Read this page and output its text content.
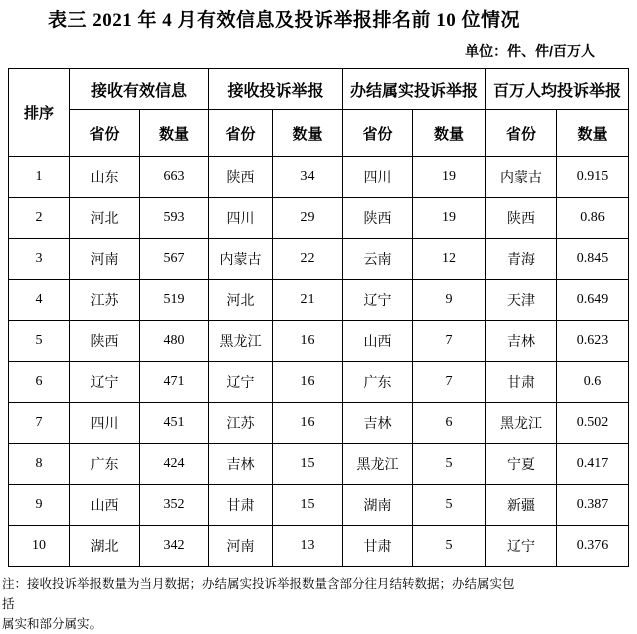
表三 2021 年 4 月有效信息及投诉举报排名前 10 位情况
单位：件、件/百万人
排序	接收有效信息		接收投诉举报		办结属实投诉举报		百万人均投诉举报	
	省份	数量	省份	数量	省份	数量	省份	数量
1	山东	663	陕西	34	四川	19	内蒙古	0.915
2	河北	593	四川	29	陕西	19	陕西	0.86
3	河南	567	内蒙古	22	云南	12	青海	0.845
4	江苏	519	河北	21	辽宁	9	天津	0.649
5	陕西	480	黑龙江	16	山西	7	吉林	0.623
6	辽宁	471	辽宁	16	广东	7	甘肃	0.6
7	四川	451	江苏	16	吉林	6	黑龙江	0.502
8	广东	424	吉林	15	黑龙江	5	宁夏	0.417
9	山西	352	甘肃	15	湖南	5	新疆	0.387
10	湖北	342	河南	13	甘肃	5	辽宁	0.376
注：接收投诉举报数量为当月数据；办结属实投诉举报数量含部分往月结转数据；办结属实包括
属实和部分属实。
